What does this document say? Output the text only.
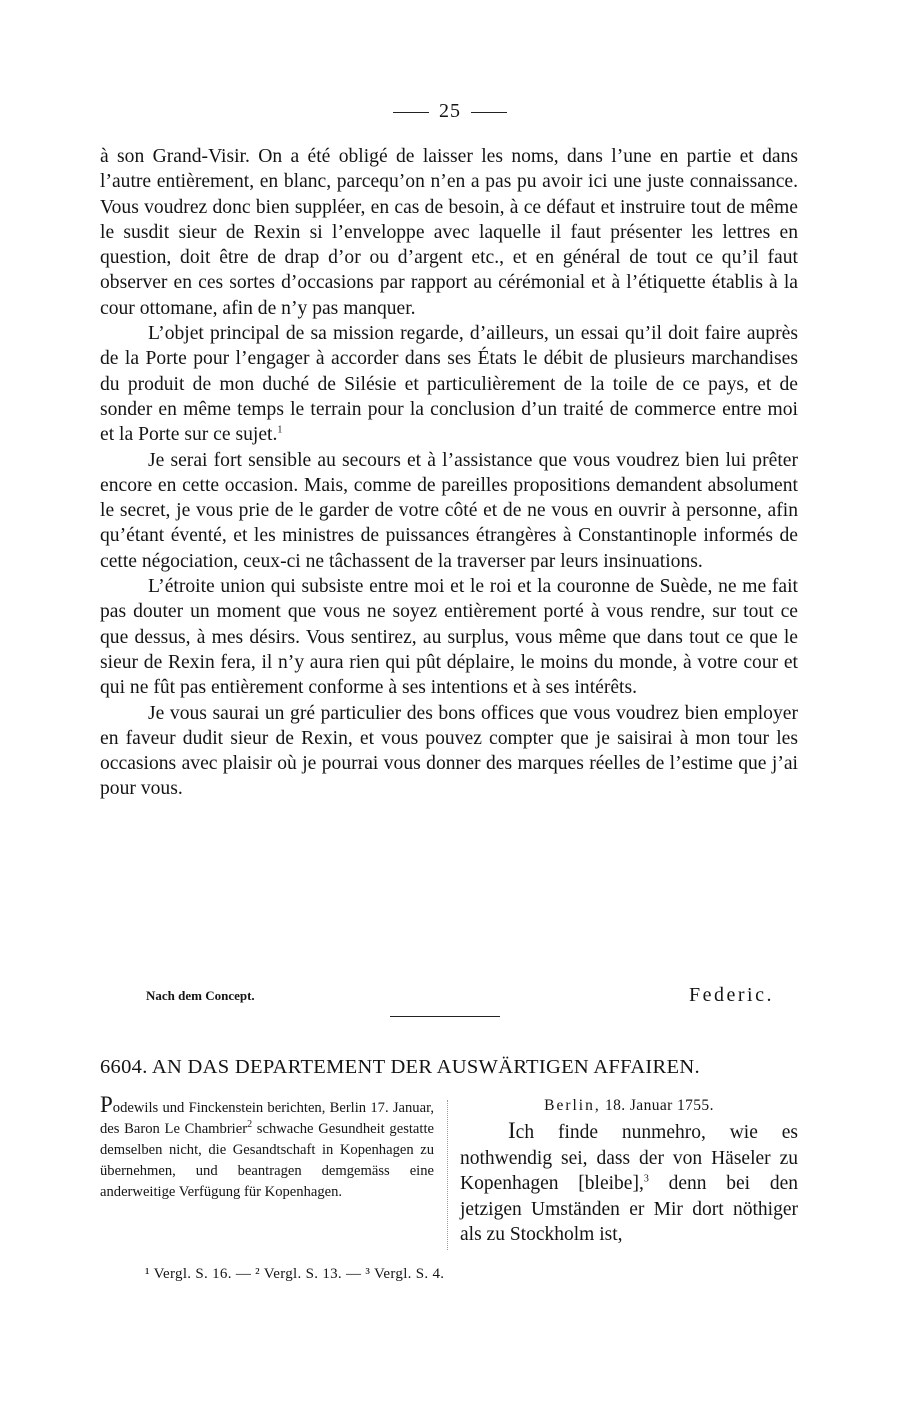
25

à son Grand-Visir. On a été obligé de laisser les noms, dans l’une en partie et dans l’autre entièrement, en blanc, parcequ’on n’en a pas pu avoir ici une juste connaissance. Vous voudrez donc bien suppléer, en cas de besoin, à ce défaut et instruire tout de même le susdit sieur de Rexin si l’enveloppe avec laquelle il faut présenter les lettres en question, doit être de drap d’or ou d’argent etc., et en général de tout ce qu’il faut observer en ces sortes d’occasions par rapport au cérémonial et à l’étiquette établis à la cour ottomane, afin de n’y pas manquer.

L’objet principal de sa mission regarde, d’ailleurs, un essai qu’il doit faire auprès de la Porte pour l’engager à accorder dans ses États le débit de plusieurs marchandises du produit de mon duché de Silésie et particulièrement de la toile de ce pays, et de sonder en même temps le terrain pour la conclusion d’un traité de commerce entre moi et la Porte sur ce sujet.$^1$

Je serai fort sensible au secours et à l’assistance que vous voudrez bien lui prêter encore en cette occasion. Mais, comme de pareilles propositions demandent absolument le secret, je vous prie de le garder de votre côté et de ne vous en ouvrir à personne, afin qu’étant éventé, et les ministres de puissances étrangères à Constantinople informés de cette négociation, ceux-ci ne tâchassent de la traverser par leurs insinuations.

L’étroite union qui subsiste entre moi et le roi et la couronne de Suède, ne me fait pas douter un moment que vous ne soyez entièrement porté à vous rendre, sur tout ce que dessus, à mes désirs. Vous sentirez, au surplus, vous même que dans tout ce que le sieur de Rexin fera, il n’y aura rien qui pût déplaire, le moins du monde, à votre cour et qui ne fût pas entièrement conforme à ses intentions et à ses intérêts.

Je vous saurai un gré particulier des bons offices que vous voudrez bien employer en faveur dudit sieur de Rexin, et vous pouvez compter que je saisirai à mon tour les occasions avec plaisir où je pourrai vous donner des marques réelles de l’estime que j’ai pour vous.

Nach dem Concept.	Federic.
6604. AN DAS DEPARTEMENT DER AUSWÄRTIGEN AFFAIREN.
Podewils und Finckenstein berichten, Berlin 17. Januar, des Baron Le Chambrier$^2$ schwache Gesundheit gestatte demselben nicht, die Gesandtschaft in Kopenhagen zu übernehmen, und beantragen demgemäss eine anderweitige Verfügung für Kopenhagen.
Berlin, 18. Januar 1755.
Ich finde nunmehro, wie es nothwendig sei, dass der von Häseler zu Kopenhagen [bleibe],$^3$ denn bei den jetzigen Umständen er Mir dort nöthiger als zu Stockholm ist,
¹ Vergl. S. 16. — ² Vergl. S. 13. — ³ Vergl. S. 4.
